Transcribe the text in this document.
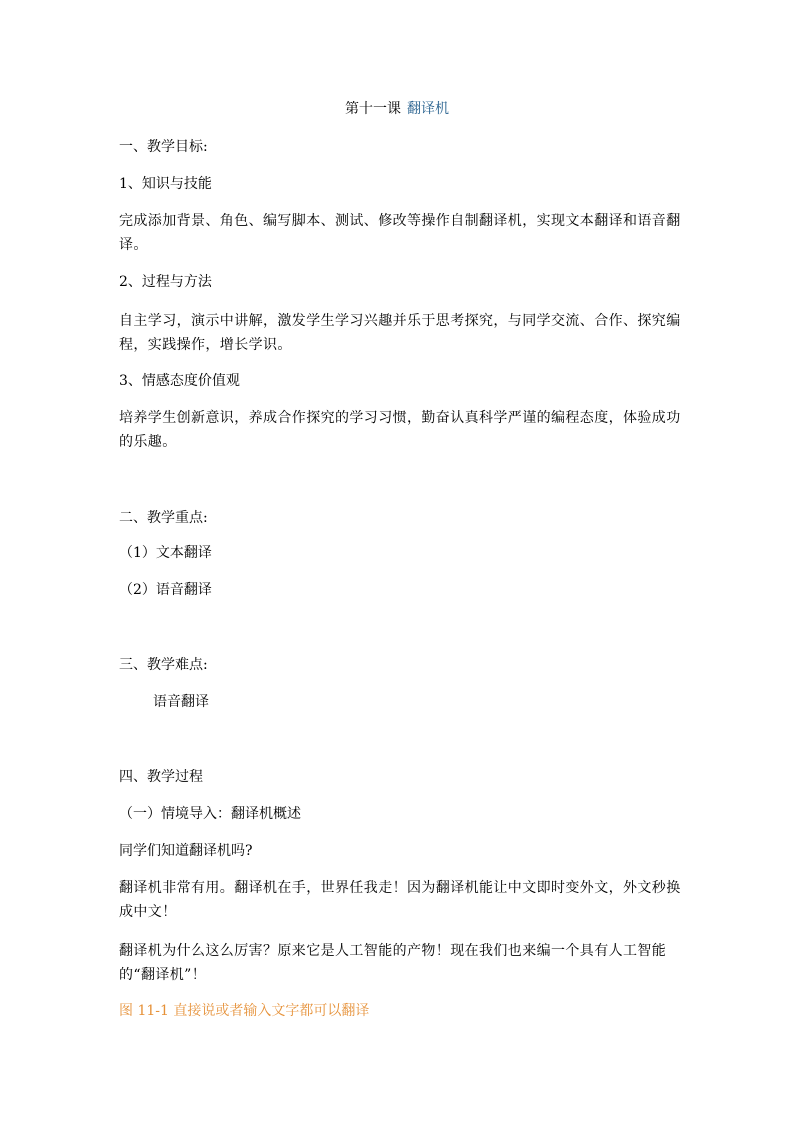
第十一课 翻译机
一、教学目标:
1、知识与技能
完成添加背景、角色、编写脚本、测试、修改等操作自制翻译机，实现文本翻译和语音翻译。
2、过程与方法
自主学习，演示中讲解，激发学生学习兴趣并乐于思考探究，与同学交流、合作、探究编程，实践操作，增长学识。
3、情感态度价值观
培养学生创新意识，养成合作探究的学习习惯，勤奋认真科学严谨的编程态度，体验成功的乐趣。
二、教学重点:
（1）文本翻译
（2）语音翻译
三、教学难点:
语音翻译
四、教学过程
（一）情境导入：翻译机概述
同学们知道翻译机吗?
翻译机非常有用。翻译机在手，世界任我走！因为翻译机能让中文即时变外文，外文秒换成中文！
翻译机为什么这么厉害？原来它是人工智能的产物！现在我们也来编一个具有人工智能的“翻译机”！
图 11-1 直接说或者输入文字都可以翻译
